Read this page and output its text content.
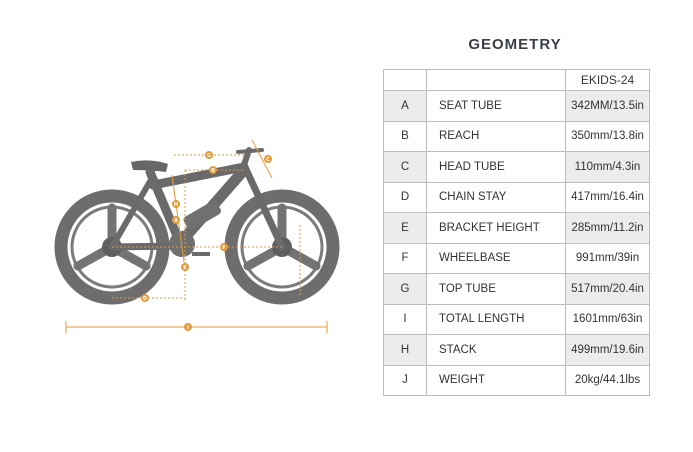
A
B
C
D
E
F
G
H
I
GEOMETRY
		EKIDS-24
A	SEAT TUBE	342MM/13.5in
B	REACH	350mm/13.8in
C	HEAD TUBE	110mm/4.3in
D	CHAIN STAY	417mm/16.4in
E	BRACKET HEIGHT	285mm/11.2in
F	WHEELBASE	991mm/39in
G	TOP TUBE	517mm/20.4in
I	TOTAL LENGTH	1601mm/63in
H	STACK	499mm/19.6in
J	WEIGHT	20kg/44.1lbs
